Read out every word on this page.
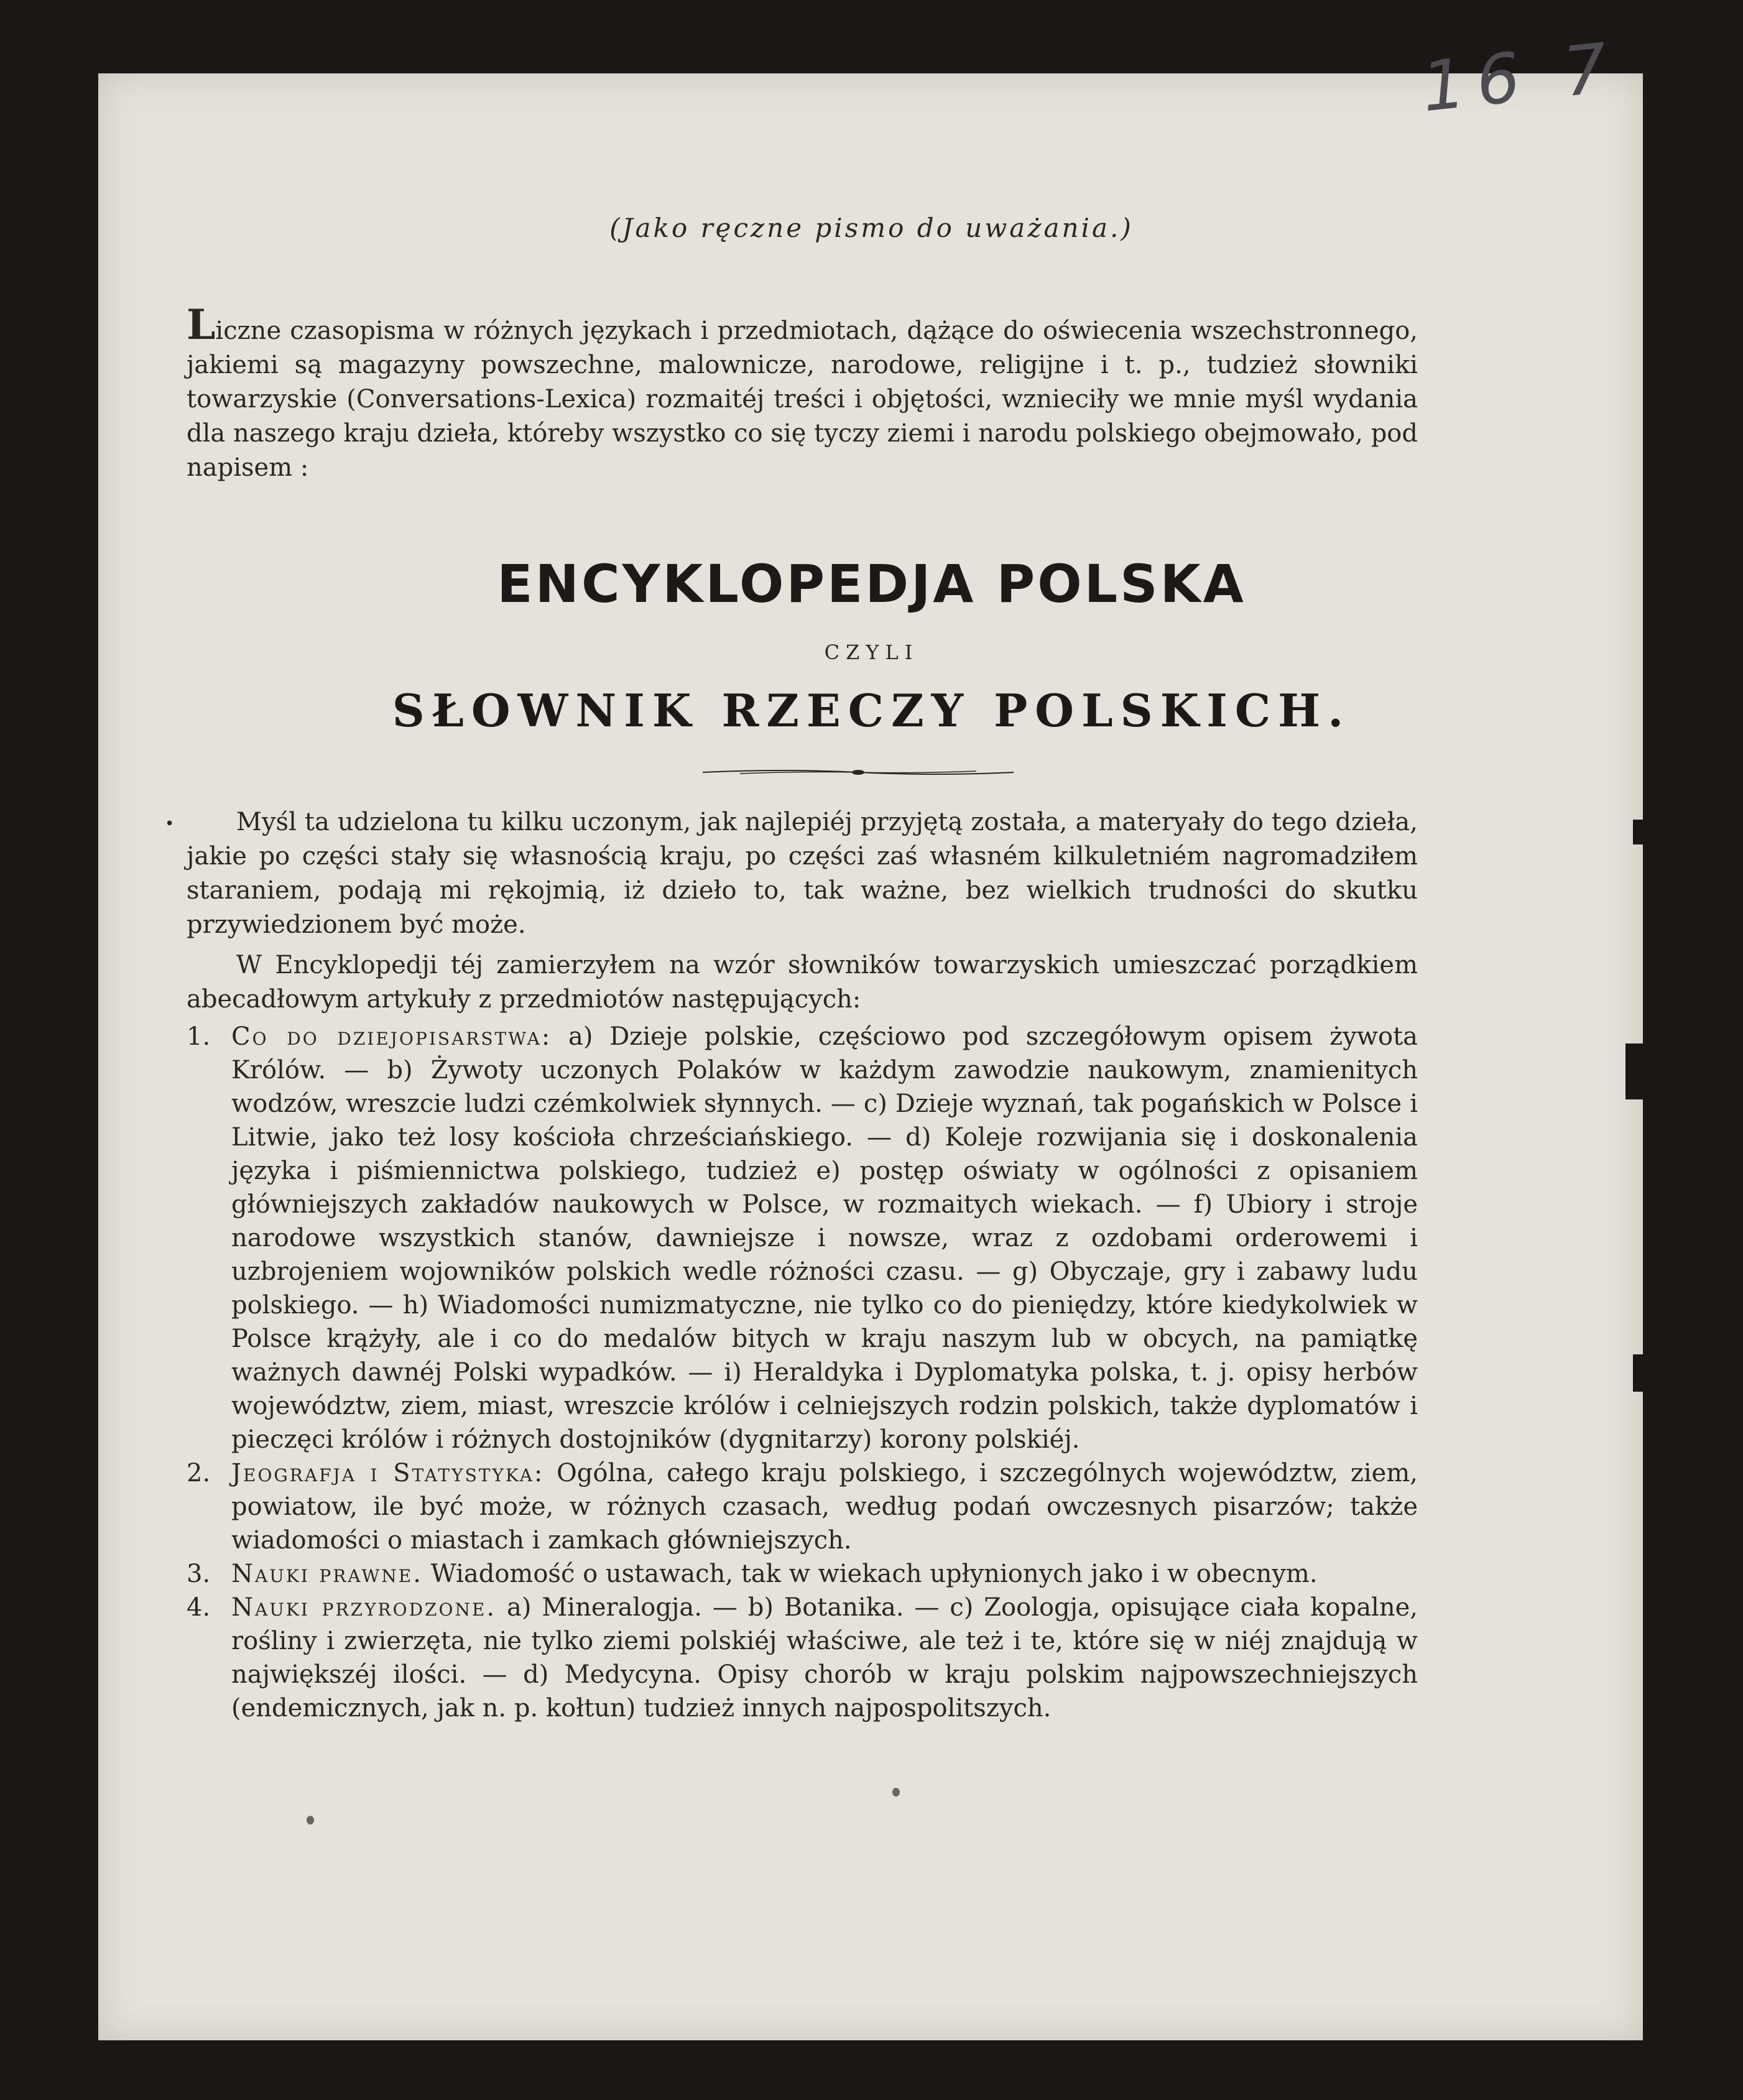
16 7
(Jako ręczne pismo do uważania.)
Liczne czasopisma w różnych językach i przedmiotach, dążące do oświecenia wszechstronnego, jakiemi są magazyny powszechne, malownicze, narodowe, religijne i t. p., tudzież słowniki towarzyskie (Conversations-Lexica) rozmaitéj treści i objętości, wznieciły we mnie myśl wydania dla naszego kraju dzieła, któreby wszystko co się tyczy ziemi i narodu polskiego obejmowało, pod napisem :
ENCYKLOPEDJA POLSKA
CZYLI
SŁOWNIK RZECZY POLSKICH.
•	Myśl ta udzielona tu kilku uczonym, jak najlepiéj przyjętą została, a materyały do tego dzieła, jakie po części stały się własnością kraju, po części zaś własném kilkuletniém nagromadziłem staraniem, podają mi rękojmią, iż dzieło to, tak ważne, bez wielkich trudności do skutku przywiedzionem być może.
W Encyklopedji téj zamierzyłem na wzór słowników towarzyskich umieszczać porządkiem abecadłowym artykuły z przedmiotów następujących:
1. Co do dziejopisarstwa: a) Dzieje polskie, częściowo pod szczegółowym opisem żywota Królów. — b) Żywoty uczonych Polaków w każdym zawodzie naukowym, znamienitych wodzów, wreszcie ludzi czémkolwiek słynnych. — c) Dzieje wyznań, tak pogańskich w Polsce i Litwie, jako też losy kościoła chrześciańskiego. — d) Koleje rozwijania się i doskonalenia języka i piśmiennictwa polskiego, tudzież e) postęp oświaty w ogólności z opisaniem główniejszych zakładów naukowych w Polsce, w rozmaitych wiekach. — f) Ubiory i stroje narodowe wszystkich stanów, dawniejsze i nowsze, wraz z ozdobami orderowemi i uzbrojeniem wojowników polskich wedle różności czasu. — g) Obyczaje, gry i zabawy ludu polskiego. — h) Wiadomości numizmatyczne, nie tylko co do pieniędzy, które kiedykolwiek w Polsce krążyły, ale i co do medalów bitych w kraju naszym lub w obcych, na pamiątkę ważnych dawnéj Polski wypadków. — i) Heraldyka i Dyplomatyka polska, t. j. opisy herbów województw, ziem, miast, wreszcie królów i celniejszych rodzin polskich, także dyplomatów i pieczęci królów i różnych dostojników (dygnitarzy) korony polskiéj.
2. Jeografja i Statystyka: Ogólna, całego kraju polskiego, i szczególnych województw, ziem, powiatow, ile być może, w różnych czasach, według podań owczesnych pisarzów; także wiadomości o miastach i zamkach główniejszych.
3. Nauki prawne. Wiadomość o ustawach, tak w wiekach upłynionych jako i w obecnym.
4. Nauki przyrodzone. a) Mineralogja. — b) Botanika. — c) Zoologja, opisujące ciała kopalne, rośliny i zwierzęta, nie tylko ziemi polskiéj właściwe, ale też i te, które się w niéj znajdują w największéj ilości. — d) Medycyna. Opisy chorób w kraju polskim najpowszechniejszych (endemicznych, jak n. p. kołtun) tudzież innych najpospolitszych.
